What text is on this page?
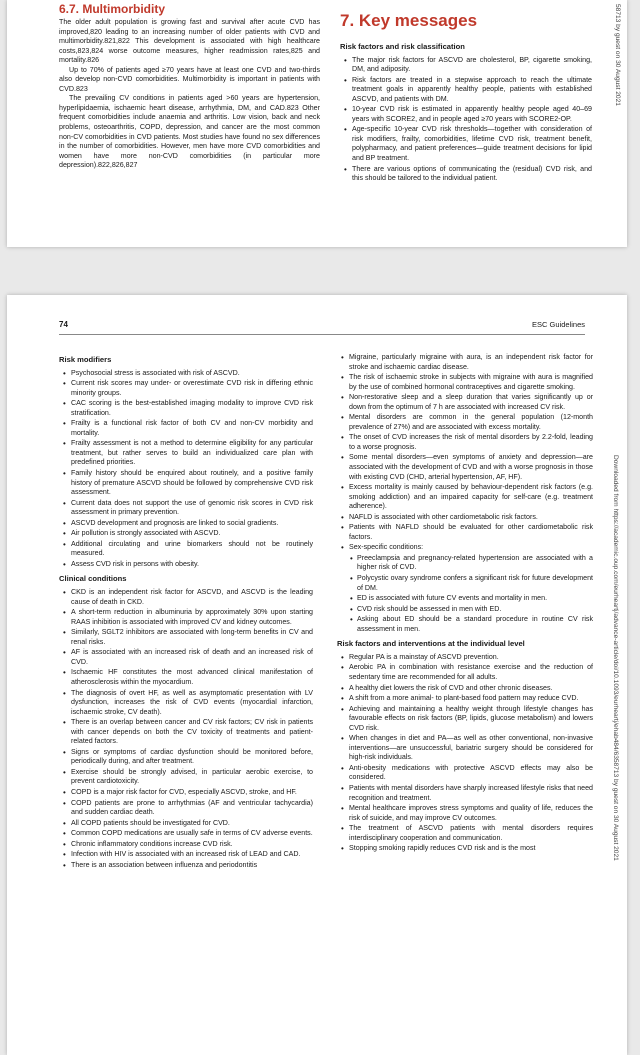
6.7. Multimorbidity

The older adult population is growing fast and survival after acute CVD has improved,820 leading to an increasing number of older patients with CVD and multimorbidity.821,822 This development is associated with high healthcare costs,823,824 worse outcome measures, higher readmission rates,825 and mortality.826

Up to 70% of patients aged ≥70 years have at least one CVD and two-thirds also develop non-CVD comorbidities. Multimorbidity is important in patients with CVD.823

The prevailing CV conditions in patients aged >60 years are hypertension, hyperlipidaemia, ischaemic heart disease, arrhythmia, DM, and CAD.823 Other frequent comorbidities include anaemia and arthritis. Low vision, back and neck problems, osteoarthritis, COPD, depression, and cancer are the most common non-CV comorbidities in CVD patients. Most studies have found no sex differences in the number of comorbidities. However, men have more CVD comorbidities and women have more non-CVD comorbidities (in particular more depression).822,826,827

7. Key messages
Risk factors and risk classification
• The major risk factors for ASCVD are cholesterol, BP, cigarette smoking, DM, and adiposity.
• Risk factors are treated in a stepwise approach to reach the ultimate treatment goals in apparently healthy people, patients with established ASCVD, and patients with DM.
• 10-year CVD risk is estimated in apparently healthy people aged 40–69 years with SCORE2, and in people aged ≥70 years with SCORE2-OP.
• Age-specific 10-year CVD risk thresholds—together with consideration of risk modifiers, frailty, comorbidities, lifetime CVD risk, treatment benefit, polypharmacy, and patient preferences—guide treatment decisions for lipid and BP treatment.
• There are various options of communicating the (residual) CVD risk, and this should be tailored to the individual patient.
58713 by guest on 30 August 2021
74	ESC Guidelines
Risk modifiers
• Psychosocial stress is associated with risk of ASCVD.
• Current risk scores may under- or overestimate CVD risk in differing ethnic minority groups.
• CAC scoring is the best-established imaging modality to improve CVD risk stratification.
• Frailty is a functional risk factor of both CV and non-CV morbidity and mortality.
• Frailty assessment is not a method to determine eligibility for any particular treatment, but rather serves to build an individualized care plan with predefined priorities.
• Family history should be enquired about routinely, and a positive family history of premature ASCVD should be followed by comprehensive CVD risk assessment.
• Current data does not support the use of genomic risk scores in CVD risk assessment in primary prevention.
• ASCVD development and prognosis are linked to social gradients.
• Air pollution is strongly associated with ASCVD.
• Additional circulating and urine biomarkers should not be routinely measured.
• Assess CVD risk in persons with obesity.
Clinical conditions
• CKD is an independent risk factor for ASCVD, and ASCVD is the leading cause of death in CKD.
• A short-term reduction in albuminuria by approximately 30% upon starting RAAS inhibition is associated with improved CV and kidney outcomes.
• Similarly, SGLT2 inhibitors are associated with long-term benefits in CV and renal risks.
• AF is associated with an increased risk of death and an increased risk of CVD.
• Ischaemic HF constitutes the most advanced clinical manifestation of atherosclerosis within the myocardium.
• The diagnosis of overt HF, as well as asymptomatic presentation with LV dysfunction, increases the risk of CVD events (myocardial infarction, ischaemic stroke, CV death).
• There is an overlap between cancer and CV risk factors; CV risk in patients with cancer depends on both the CV toxicity of treatments and patient-related factors.
• Signs or symptoms of cardiac dysfunction should be monitored before, periodically during, and after treatment.
• Exercise should be strongly advised, in particular aerobic exercise, to prevent cardiotoxicity.
• COPD is a major risk factor for CVD, especially ASCVD, stroke, and HF.
• COPD patients are prone to arrhythmias (AF and ventricular tachycardia) and sudden cardiac death.
• All COPD patients should be investigated for CVD.
• Common COPD medications are usually safe in terms of CV adverse events.
• Chronic inflammatory conditions increase CVD risk.
• Infection with HIV is associated with an increased risk of LEAD and CAD.
• There is an association between influenza and periodontitis
• Migraine, particularly migraine with aura, is an independent risk factor for stroke and ischaemic cardiac disease.
• The risk of ischaemic stroke in subjects with migraine with aura is magnified by the use of combined hormonal contraceptives and cigarette smoking.
• Non-restorative sleep and a sleep duration that varies significantly up or down from the optimum of 7 h are associated with increased CV risk.
• Mental disorders are common in the general population (12-month prevalence of 27%) and are associated with excess mortality.
• The onset of CVD increases the risk of mental disorders by 2.2-fold, leading to a worse prognosis.
• Some mental disorders—even symptoms of anxiety and depression—are associated with the development of CVD and with a worse prognosis in those with existing CVD (CHD, arterial hypertension, AF, HF).
• Excess mortality is mainly caused by behaviour-dependent risk factors (e.g. smoking addiction) and an impaired capacity for self-care (e.g. treatment adherence).
• NAFLD is associated with other cardiometabolic risk factors.
• Patients with NAFLD should be evaluated for other cardiometabolic risk factors.
• Sex-specific conditions:
• Preeclampsia and pregnancy-related hypertension are associated with a higher risk of CVD.
• Polycystic ovary syndrome confers a significant risk for future development of DM.
• ED is associated with future CV events and mortality in men.
• CVD risk should be assessed in men with ED.
• Asking about ED should be a standard procedure in routine CV risk assessment in men.
Risk factors and interventions at the individual level
• Regular PA is a mainstay of ASCVD prevention.
• Aerobic PA in combination with resistance exercise and the reduction of sedentary time are recommended for all adults.
• A healthy diet lowers the risk of CVD and other chronic diseases.
• A shift from a more animal- to plant-based food pattern may reduce CVD.
• Achieving and maintaining a healthy weight through lifestyle changes has favourable effects on risk factors (BP, lipids, glucose metabolism) and lowers CVD risk.
• When changes in diet and PA—as well as other conventional, non-invasive interventions—are unsuccessful, bariatric surgery should be considered for high-risk individuals.
• Anti-obesity medications with protective ASCVD effects may also be considered.
• Patients with mental disorders have sharply increased lifestyle risks that need recognition and treatment.
• Mental healthcare improves stress symptoms and quality of life, reduces the risk of suicide, and may improve CV outcomes.
• The treatment of ASCVD patients with mental disorders requires interdisciplinary cooperation and communication.
• Stopping smoking rapidly reduces CVD risk and is the most	Downloaded from https://academic.oup.com/eurheartj/advance-article/doi/10.1093/eurheartj/ehab484/6358713 by guest on 30 August 2021
